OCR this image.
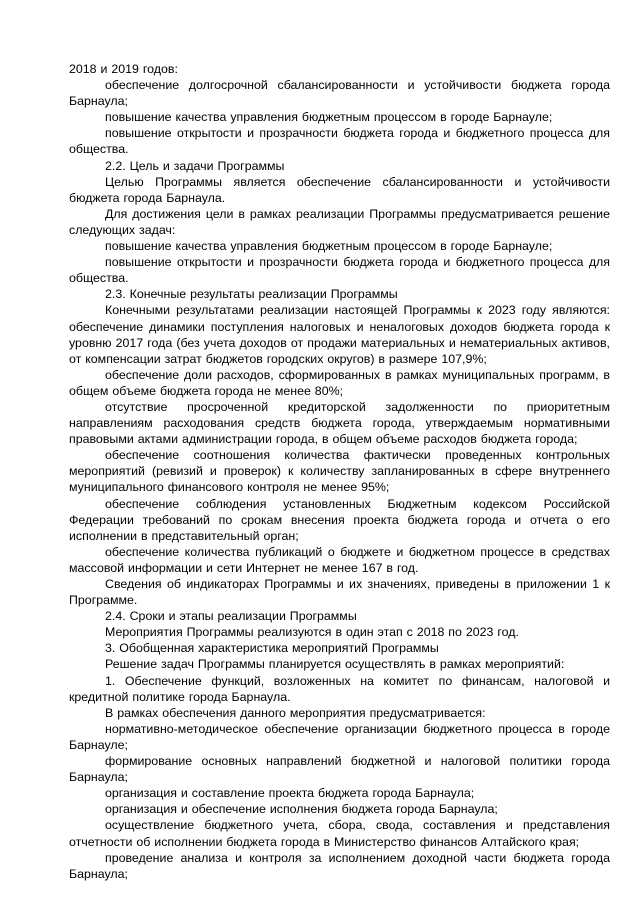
2018 и 2019 годов:

обеспечение долгосрочной сбалансированности и устойчивости бюджета города Барнаула;

повышение качества управления бюджетным процессом в городе Барнауле;

повышение открытости и прозрачности бюджета города и бюджетного процесса для общества.

2.2. Цель и задачи Программы

Целью Программы является обеспечение сбалансированности и устойчивости бюджета города Барнаула.

Для достижения цели в рамках реализации Программы предусматривается решение следующих задач:

повышение качества управления бюджетным процессом в городе Барнауле;

повышение открытости и прозрачности бюджета города и бюджетного процесса для общества.

2.3. Конечные результаты реализации Программы

Конечными результатами реализации настоящей Программы к 2023 году являются: обеспечение динамики поступления налоговых и неналоговых доходов бюджета города к уровню 2017 года (без учета доходов от продажи материальных и нематериальных активов, от компенсации затрат бюджетов городских округов) в размере 107,9%;

обеспечение доли расходов, сформированных в рамках муниципальных программ, в общем объеме бюджета города не менее 80%;

отсутствие просроченной кредиторской задолженности по приоритетным направлениям расходования средств бюджета города, утверждаемым нормативными правовыми актами администрации города, в общем объеме расходов бюджета города;

обеспечение соотношения количества фактически проведенных контрольных мероприятий (ревизий и проверок) к количеству запланированных в сфере внутреннего муниципального финансового контроля не менее 95%;

обеспечение соблюдения установленных Бюджетным кодексом Российской Федерации требований по срокам внесения проекта бюджета города и отчета о его исполнении в представительный орган;

обеспечение количества публикаций о бюджете и бюджетном процессе в средствах массовой информации и сети Интернет не менее 167 в год.

Сведения об индикаторах Программы и их значениях, приведены в приложении 1 к Программе.

2.4. Сроки и этапы реализации Программы

Мероприятия Программы реализуются в один этап с 2018 по 2023 год.

3. Обобщенная характеристика мероприятий Программы

Решение задач Программы планируется осуществлять в рамках мероприятий:

1. Обеспечение функций, возложенных на комитет по финансам, налоговой и кредитной политике города Барнаула.

В рамках обеспечения данного мероприятия предусматривается:

нормативно-методическое обеспечение организации бюджетного процесса в городе Барнауле;

формирование основных направлений бюджетной и налоговой политики города Барнаула;

организация и составление проекта бюджета города Барнаула;

организация и обеспечение исполнения бюджета города Барнаула;

осуществление бюджетного учета, сбора, свода, составления и представления отчетности об исполнении бюджета города в Министерство финансов Алтайского края;

проведение анализа и контроля за исполнением доходной части бюджета города Барнаула;
